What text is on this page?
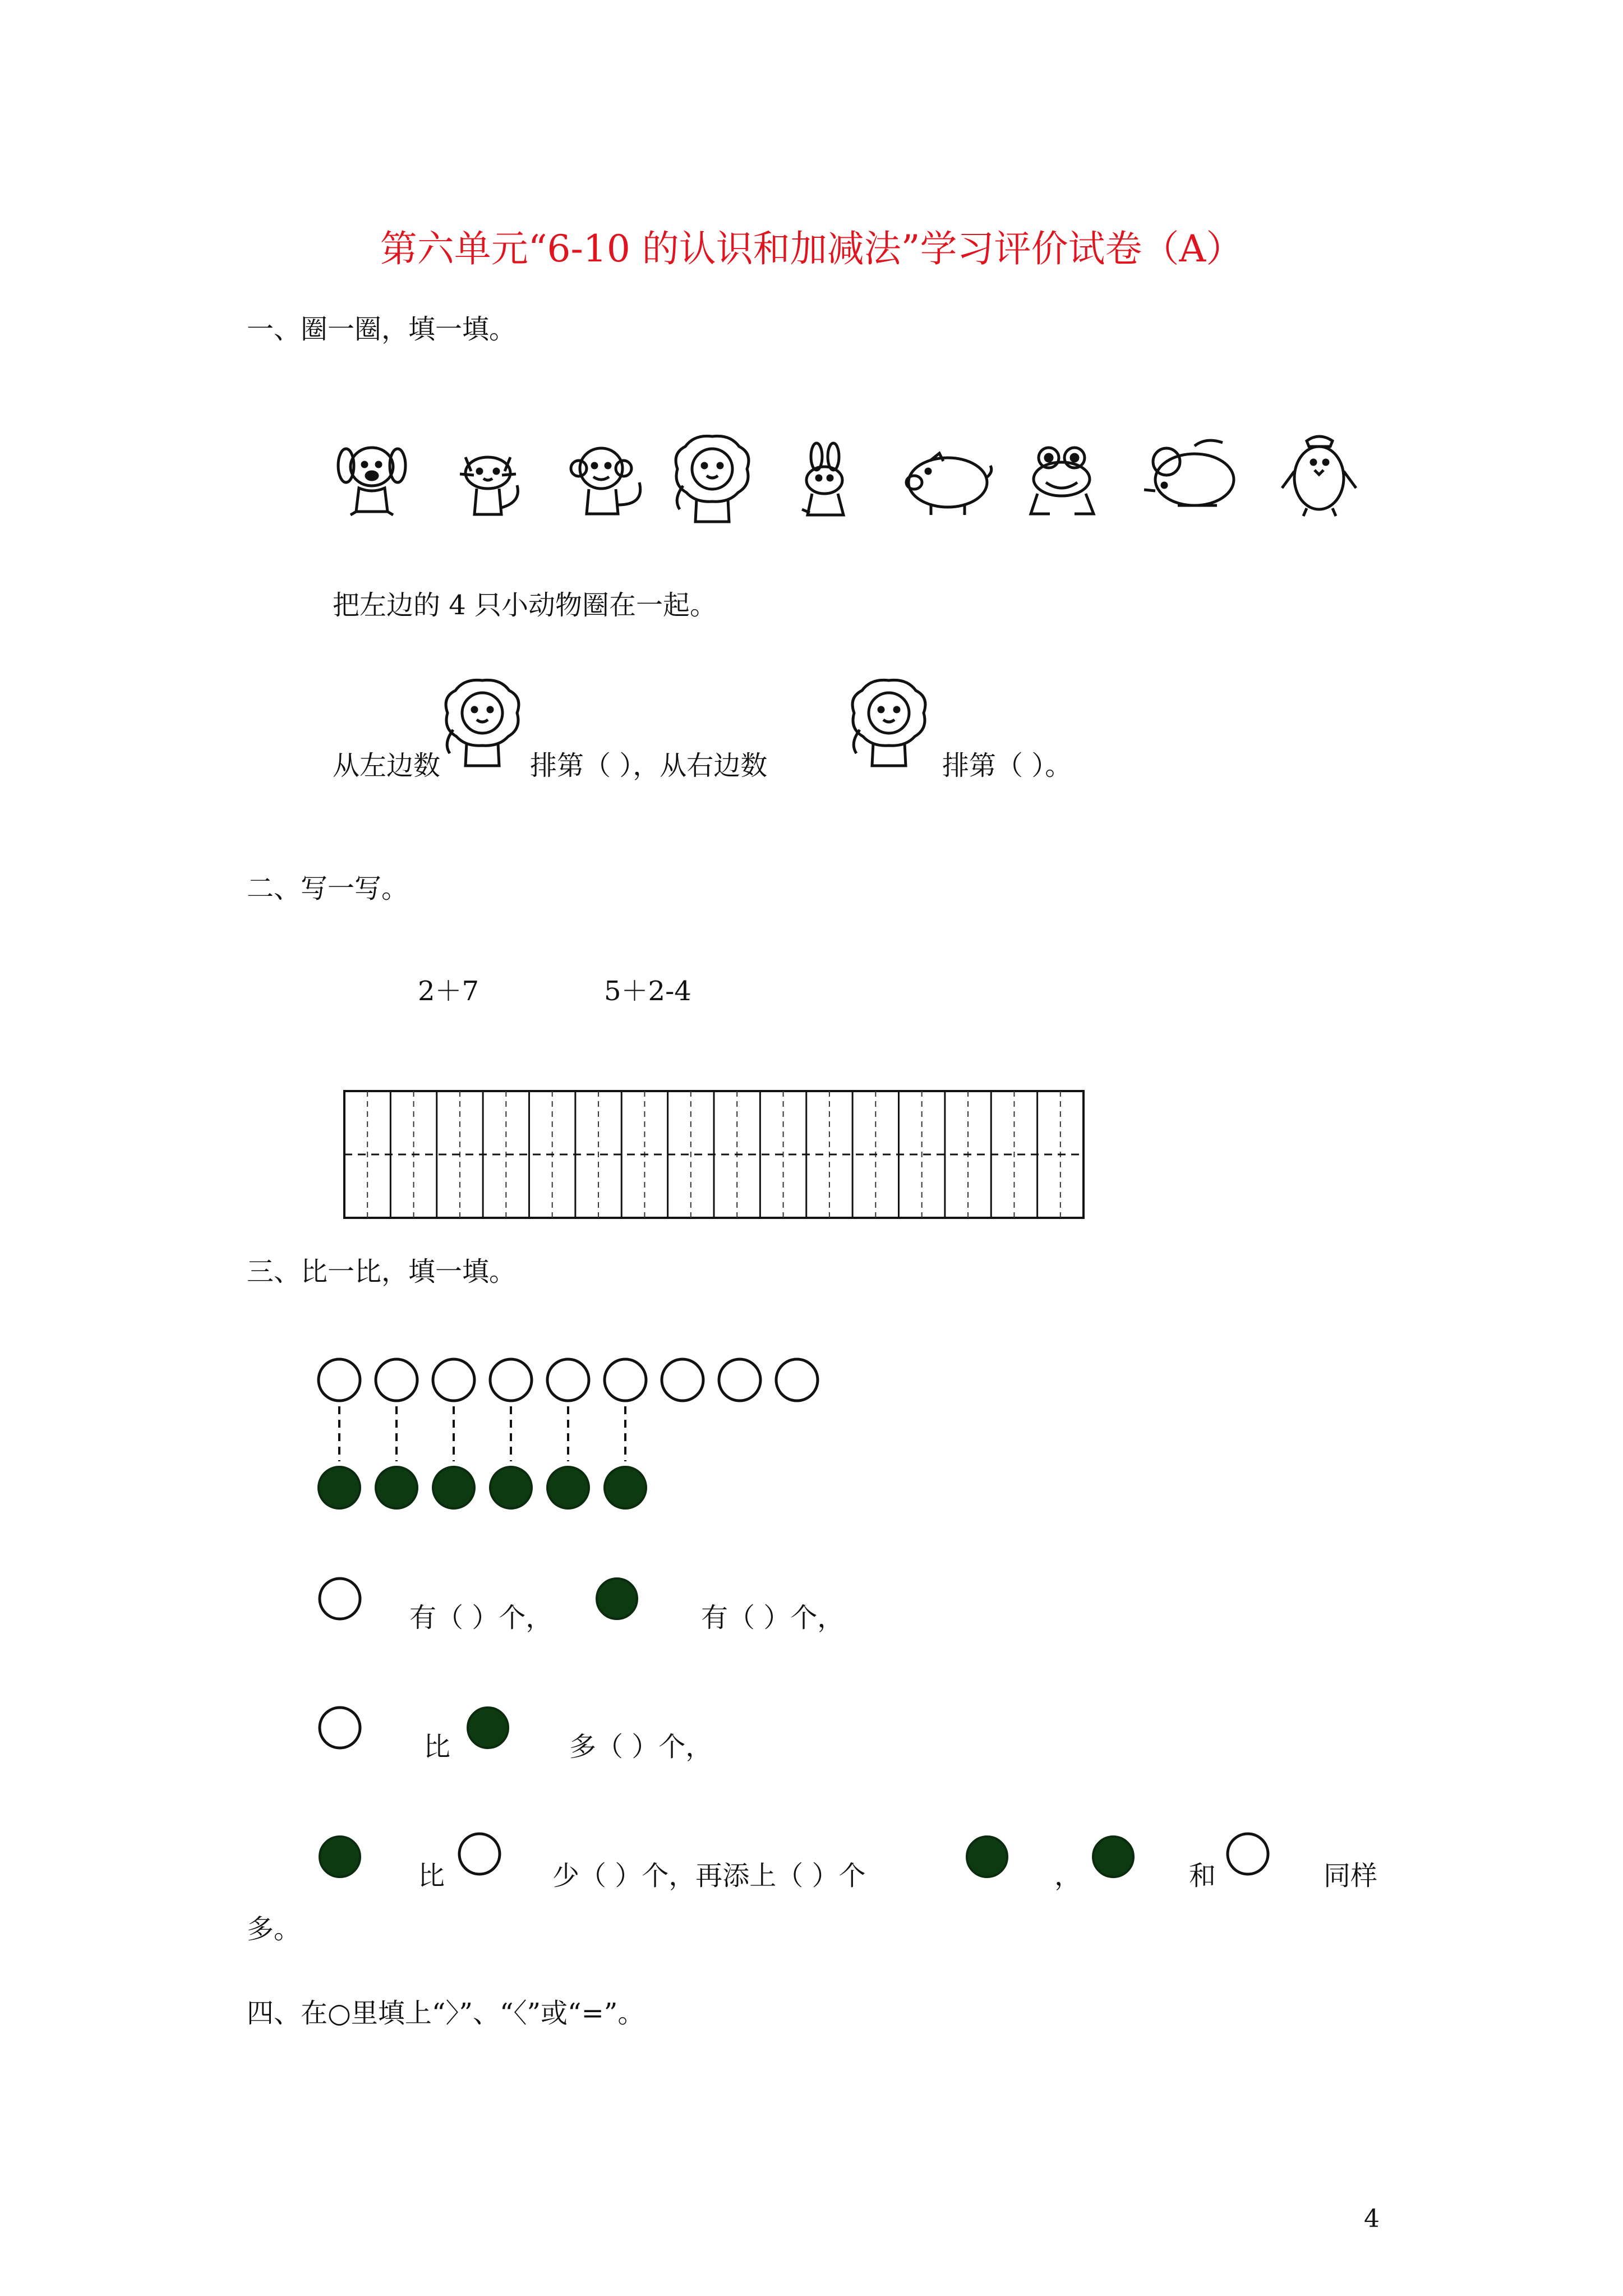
第六单元“6-10 的认识和加减法”学习评价试卷（A）
一、圈一圈，填一填。
把左边的 4 只小动物圈在一起。
从左边数	排第（ ），从右边数	排第（ ）。
二、写一写。
2＋7	5＋2-4
三、比一比，填一填。
有（ ）个，	有（ ）个，
比	多（ ）个，
比	少（ ）个，再添上（ ）个	，	和	同样
多。
四、在○里填上“〉”、“〈”或“=”。
4
